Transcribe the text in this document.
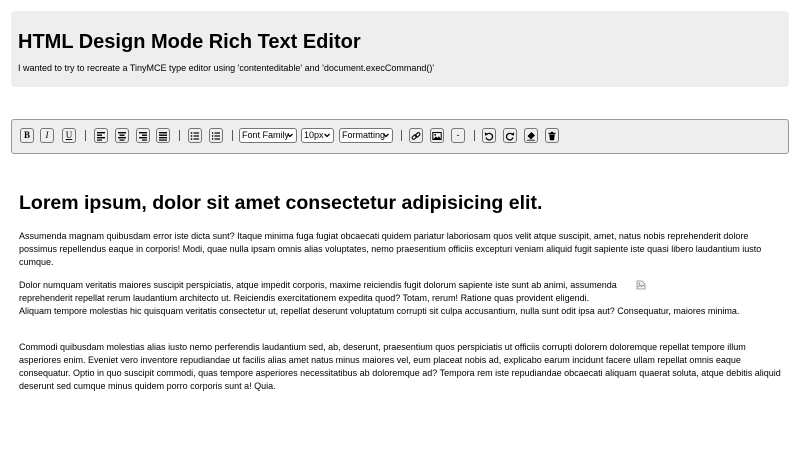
HTML Design Mode Rich Text Editor

I wanted to try to recreate a TinyMCE type editor using 'contenteditable' and 'document.execCommand()'

B	I	U	Font Family	10px	Formatting	-
Lorem ipsum, dolor sit amet consectetur adipisicing elit.

Assumenda magnam quibusdam error iste dicta sunt? Itaque minima fuga fugiat obcaecati quidem pariatur laboriosam quos velit atque suscipit, amet, natus nobis reprehenderit dolore possimus repellendus eaque in corporis! Modi, quae nulla ipsam omnis alias voluptates, nemo praesentium officiis excepturi veniam aliquid fugit sapiente iste quasi libero laudantium iusto cumque.

Dolor numquam veritatis maiores suscipit perspiciatis, atque impedit corporis, maxime reiciendis fugit dolorum sapiente iste sunt ab animi, assumenda reprehenderit repellat rerum laudantium architecto ut. Reiciendis exercitationem expedita quod? Totam, rerum! Ratione quas provident eligendi. Aliquam tempore molestias hic quisquam veritatis consectetur ut, repellat deserunt voluptatum corrupti sit culpa accusantium, nulla sunt odit ipsa aut? Consequatur, maiores minima.

Commodi quibusdam molestias alias iusto nemo perferendis laudantium sed, ab, deserunt, praesentium quos perspiciatis ut officiis corrupti dolorem doloremque repellat tempore illum asperiores enim. Eveniet vero inventore repudiandae ut facilis alias amet natus minus maiores vel, eum placeat nobis ad, explicabo earum incidunt facere ullam repellat omnis eaque consequatur. Optio in quo suscipit commodi, quas tempore asperiores necessitatibus ab doloremque ad? Tempora rem iste repudiandae obcaecati aliquam quaerat soluta, atque debitis aliquid deserunt sed cumque minus quidem porro corporis sunt a! Quia.
